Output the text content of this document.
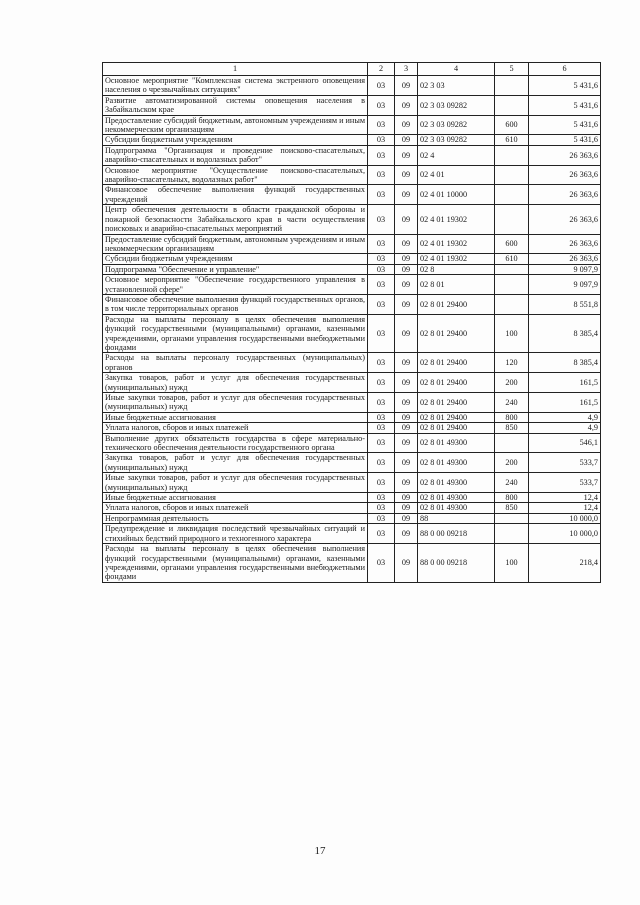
1	2	3	4	5	6
Основное мероприятие "Комплексная система экстренного оповещения населения о чрезвычайных ситуациях"	03	09	02 3 03		5 431,6
Развитие автоматизированной системы оповещения населения в Забайкальском крае	03	09	02 3 03 09282		5 431,6
Предоставление субсидий бюджетным, автономным учреждениям и иным некоммерческим организациям	03	09	02 3 03 09282	600	5 431,6
Субсидии бюджетным учреждениям	03	09	02 3 03 09282	610	5 431,6
Подпрограмма "Организация и проведение поисково-спасательных, аварийно-спасательных и водолазных работ"	03	09	02 4		26 363,6
Основное мероприятие "Осуществление поисково-спасательных, аварийно-спасательных, водолазных работ"	03	09	02 4 01		26 363,6
Финансовое обеспечение выполнения функций государственных учреждений	03	09	02 4 01 10000		26 363,6
Центр обеспечения деятельности в области гражданской обороны и пожарной безопасности Забайкальского края в части осуществления поисковых и аварийно-спасательных мероприятий	03	09	02 4 01 19302		26 363,6
Предоставление субсидий бюджетным, автономным учреждениям и иным некоммерческим организациям	03	09	02 4 01 19302	600	26 363,6
Субсидии бюджетным учреждениям	03	09	02 4 01 19302	610	26 363,6
Подпрограмма "Обеспечение и управление"	03	09	02 8		9 097,9
Основное мероприятие "Обеспечение государственного управления в установленной сфере"	03	09	02 8 01		9 097,9
Финансовое обеспечение выполнения функций государственных органов, в том числе территориальных органов	03	09	02 8 01 29400		8 551,8
Расходы на выплаты персоналу в целях обеспечения выполнения функций государственными (муниципальными) органами, казенными учреждениями, органами управления государственными внебюджетными фондами	03	09	02 8 01 29400	100	8 385,4
Расходы на выплаты персоналу государственных (муниципальных) органов	03	09	02 8 01 29400	120	8 385,4
Закупка товаров, работ и услуг для обеспечения государственных (муниципальных) нужд	03	09	02 8 01 29400	200	161,5
Иные закупки товаров, работ и услуг для обеспечения государственных (муниципальных) нужд	03	09	02 8 01 29400	240	161,5
Иные бюджетные ассигнования	03	09	02 8 01 29400	800	4,9
Уплата налогов, сборов и иных платежей	03	09	02 8 01 29400	850	4,9
Выполнение других обязательств государства в сфере материально-технического обеспечения деятельности государственного органа	03	09	02 8 01 49300		546,1
Закупка товаров, работ и услуг для обеспечения государственных (муниципальных) нужд	03	09	02 8 01 49300	200	533,7
Иные закупки товаров, работ и услуг для обеспечения государственных (муниципальных) нужд	03	09	02 8 01 49300	240	533,7
Иные бюджетные ассигнования	03	09	02 8 01 49300	800	12,4
Уплата налогов, сборов и иных платежей	03	09	02 8 01 49300	850	12,4
Непрограммная деятельность	03	09	88		10 000,0
Предупреждение и ликвидация последствий чрезвычайных ситуаций и стихийных бедствий природного и техногенного характера	03	09	88 0 00 09218		10 000,0
Расходы на выплаты персоналу в целях обеспечения выполнения функций государственными (муниципальными) органами, казенными учреждениями, органами управления государственными внебюджетными фондами	03	09	88 0 00 09218	100	218,4
17
